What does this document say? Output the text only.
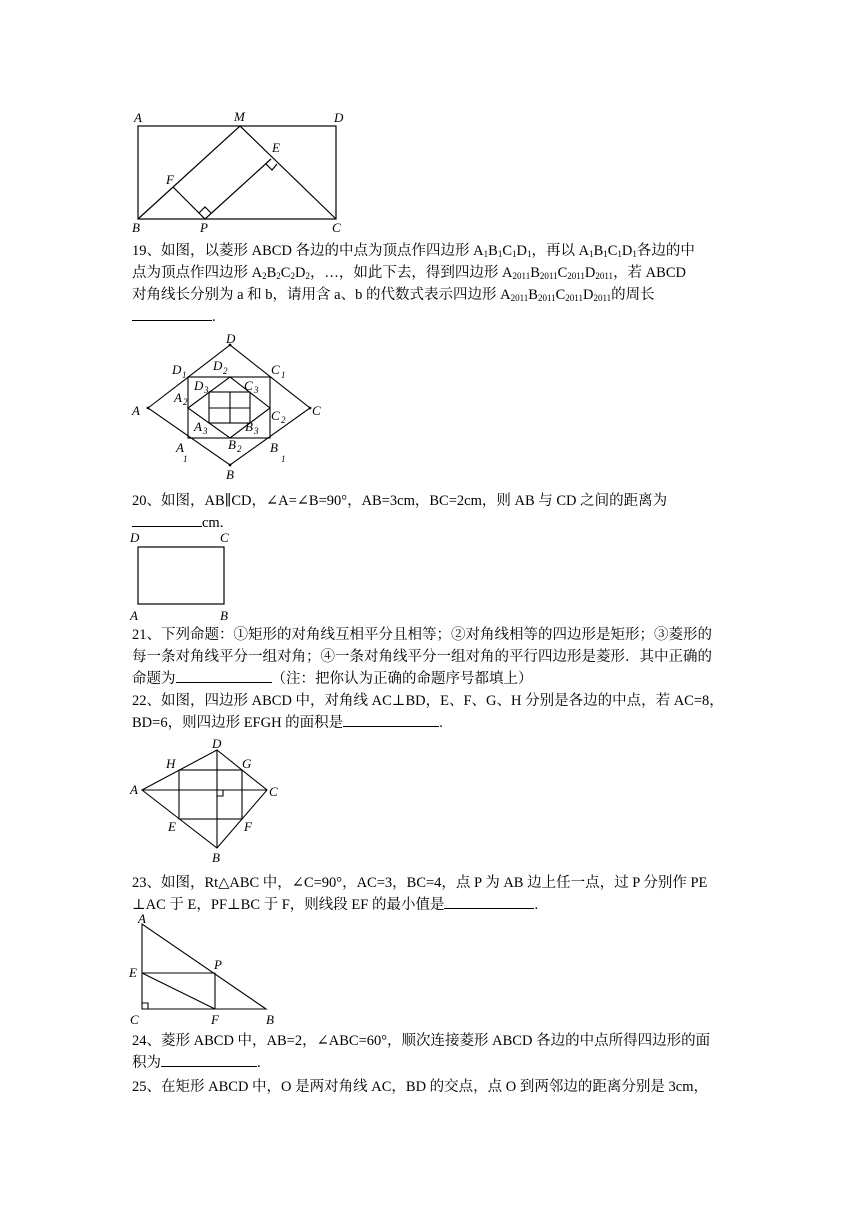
A	M	D
E
F
B	P	C

19、如图，以菱形 ABCD 各边的中点为顶点作四边形 $A_1B_1C_1D_1$，再以 $A_1B_1C_1D_1$各边的中
点为顶点作四边形 $A_2B_2C_2D_2$，…，如此下去，得到四边形 $A_{2011}B_{2011}C_{2011}D_{2011}$，若 ABCD
对角线长分别为 a 和 b，请用含 a、b 的代数式表示四边形 $A_{2011}B_{2011}C_{2011}D_{2011}$的周长
.

D
D 1
D 2
D 3	C 3
C 1
A 2
A	C 2
C
A 3
B 2
B 3
A
1
B
1
B

20、如图，AB∥CD，∠A=∠B=90°，AB=3cm，BC=2cm，则 AB 与 CD 之间的距离为
cm.

D	C
A	B

21、下列命题：①矩形的对角线互相平分且相等；②对角线相等的四边形是矩形；③菱形的
每一条对角线平分一组对角；④一条对角线平分一组对角的平行四边形是菱形．其中正确的
命题为	（注：把你认为正确的命题序号都填上）

22、如图，四边形 ABCD 中，对角线 AC⊥BD，E、F、G、H 分别是各边的中点，若 AC=8，
BD=6，则四边形 EFGH 的面积是	.

D
H	G
A	C
E	F
B

23、如图，Rt△ABC 中，∠C=90°，AC=3，BC=4，点 P 为 AB 边上任一点，过 P 分别作 PE
⊥AC 于 E，PF⊥BC 于 F，则线段 EF 的最小值是	.

A
E
P
C	F	B

24、菱形 ABCD 中，AB=2，∠ABC=60°，顺次连接菱形 ABCD 各边的中点所得四边形的面
积为	.

25、在矩形 ABCD 中，O 是两对角线 AC，BD 的交点，点 O 到两邻边的距离分别是 3cm，
